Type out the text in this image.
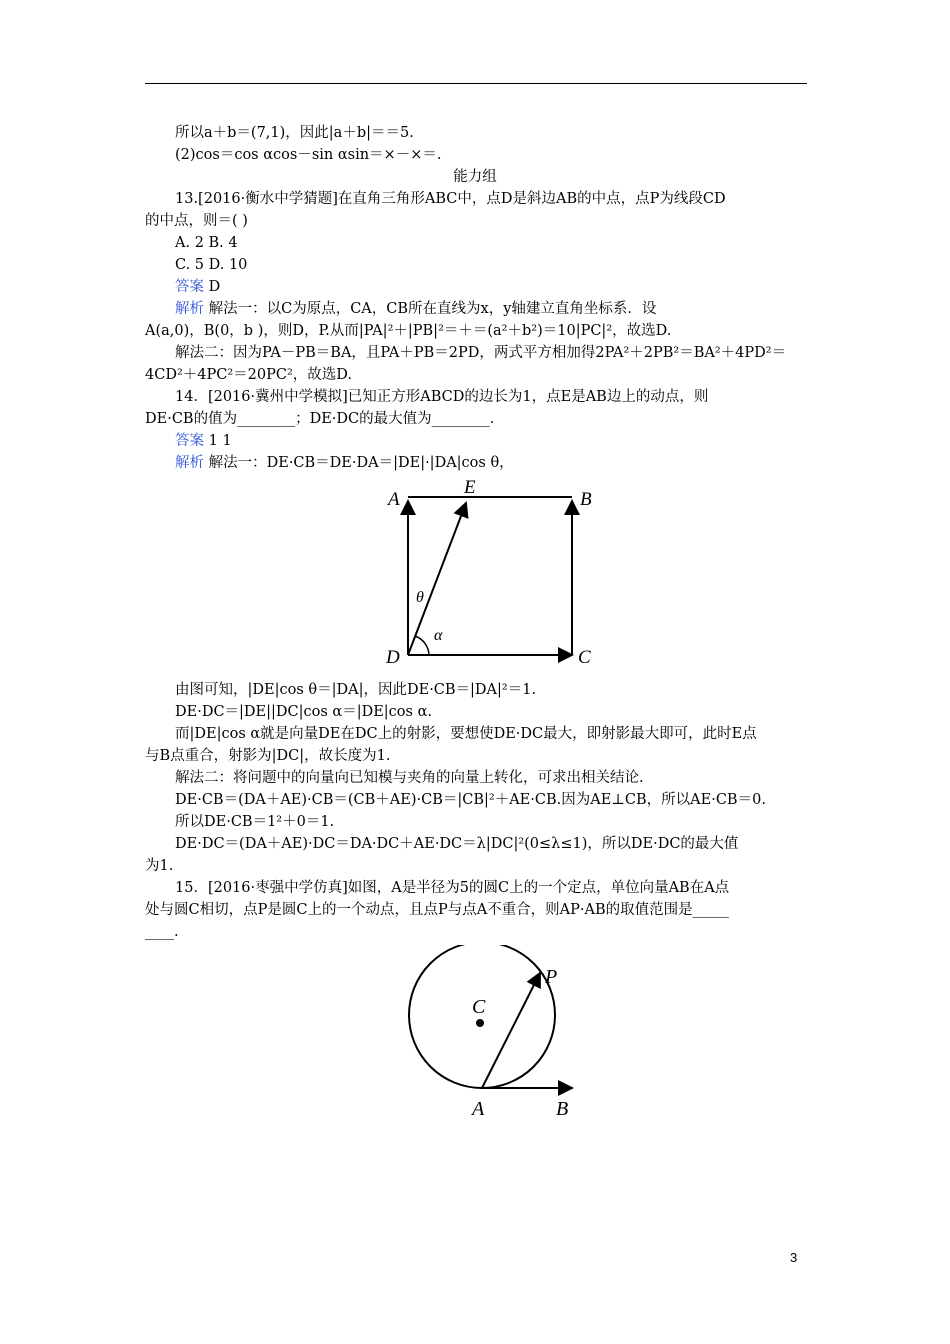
所以a＋b＝(7,1)，因此|a＋b|＝＝5.
(2)cos＝cos αcos－sin αsin＝×－×＝.
能力组
13.[2016·衡水中学猜题]在直角三角形ABC中，点D是斜边AB的中点，点P为线段CD
的中点，则＝( )
A. 2 B. 4
C. 5 D. 10
答案 D
解析 解法一：以C为原点，CA，CB所在直线为x，y轴建立直角坐标系．设
A(a,0)，B(0，b )，则D，P.从而|PA|²＋|PB|²＝＋＝(a²＋b²)＝10|PC|²，故选D.
解法二：因为PA－PB＝BA，且PA＋PB＝2PD，两式平方相加得2PA²＋2PB²＝BA²＋4PD²＝
4CD²＋4PC²＝20PC²，故选D.
14．[2016·冀州中学模拟]已知正方形ABCD的边长为1，点E是AB边上的动点，则
DE·CB的值为________；DE·DC的最大值为________.
答案 1 1
解析 解法一：DE·CB＝DE·DA＝|DE|·|DA|cos θ，
A	B
C
D
E
θ
α
由图可知，|DE|cos θ＝|DA|，因此DE·CB＝|DA|²＝1.
DE·DC＝|DE||DC|cos α＝|DE|cos α.
而|DE|cos α就是向量DE在DC上的射影，要想使DE·DC最大，即射影最大即可，此时E点
与B点重合，射影为|DC|，故长度为1.
解法二：将问题中的向量向已知模与夹角的向量上转化，可求出相关结论.
DE·CB＝(DA＋AE)·CB＝(CB＋AE)·CB＝|CB|²＋AE·CB.因为AE⊥CB，所以AE·CB＝0.
所以DE·CB＝1²＋0＝1.
DE·DC＝(DA＋AE)·DC＝DA·DC＋AE·DC＝λ|DC|²(0≤λ≤1)，所以DE·DC的最大值
为1.
15．[2016·枣强中学仿真]如图，A是半径为5的圆C上的一个定点，单位向量AB在A点
处与圆C相切，点P是圆C上的一个动点，且点P与点A不重合，则AP·AB的取值范围是_____
____.
C
P
A	B
3
